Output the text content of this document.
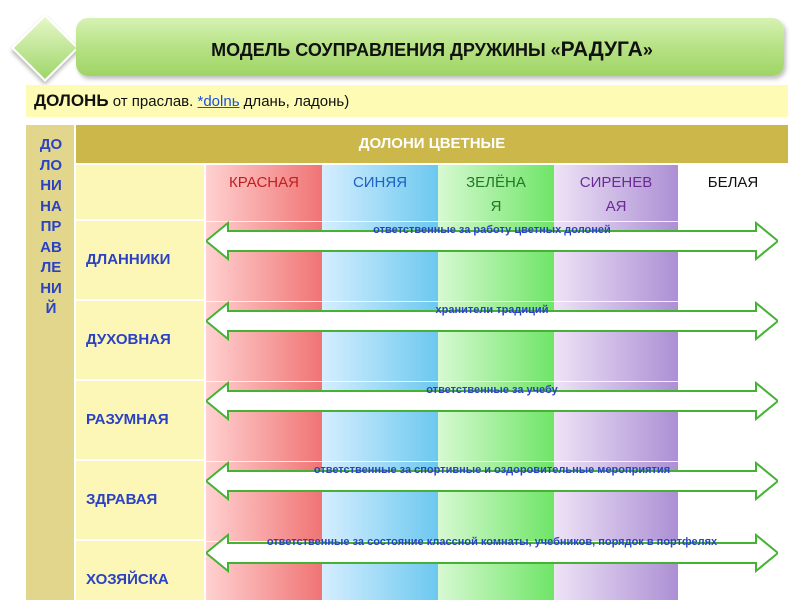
МОДЕЛЬ СОУПРАВЛЕНИЯ ДРУЖИНЫ «РАДУГА»
ДОЛОНЬ от праслав. *dolnь длань, ладонь)
ДО
ЛО
НИ
НА
ПР
АВ
ЛЕ
НИ
Й
ДОЛОНИ ЦВЕТНЫЕ
КРАСНАЯ	СИНЯЯ	ЗЕЛЁНА
Я
СИРЕНЕВ
АЯ
БЕЛАЯ
ДЛАННИКИ
ДУХОВНАЯ
РАЗУМНАЯ
ЗДРАВАЯ
ХОЗЯЙСКА
ответственные за работу цветных долоней
хранители традиций
ответственные за учебу
ответственные за спортивные и оздоровительные мероприятия
ответственные за состояние классной комнаты, учебников, порядок в портфелях
